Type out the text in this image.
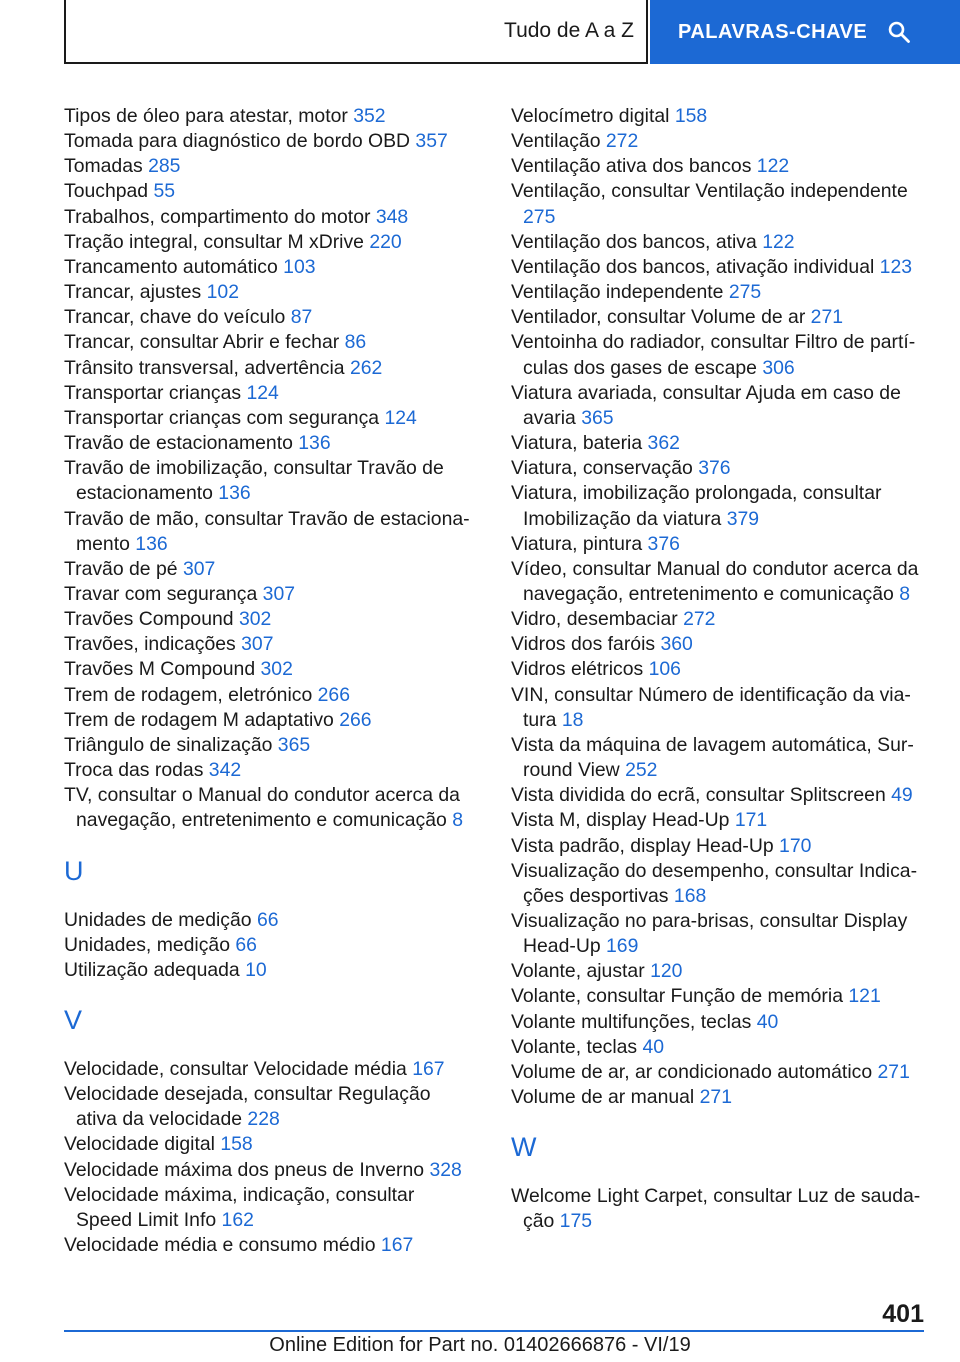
Tudo de A a Z PALAVRAS-CHAVE
Tipos de óleo para atestar, motor 352
Tomada para diagnóstico de bordo OBD 357
Tomadas 285
Touchpad 55
Trabalhos, compartimento do motor 348
Tração integral, consultar M xDrive 220
Trancamento automático 103
Trancar, ajustes 102
Trancar, chave do veículo 87
Trancar, consultar Abrir e fechar 86
Trânsito transversal, advertência 262
Transportar crianças 124
Transportar crianças com segurança 124
Travão de estacionamento 136
Travão de imobilização, consultar Travão de estacionamento 136
Travão de mão, consultar Travão de estacionamento 136
Travão de pé 307
Travar com segurança 307
Travões Compound 302
Travões, indicações 307
Travões M Compound 302
Trem de rodagem, eletrónico 266
Trem de rodagem M adaptativo 266
Triângulo de sinalização 365
Troca das rodas 342
TV, consultar o Manual do condutor acerca da navegação, entretenimento e comunicação 8
U
Unidades de medição 66
Unidades, medição 66
Utilização adequada 10
V
Velocidade, consultar Velocidade média 167
Velocidade desejada, consultar Regulação ativa da velocidade 228
Velocidade digital 158
Velocidade máxima dos pneus de Inverno 328
Velocidade máxima, indicação, consultar Speed Limit Info 162
Velocidade média e consumo médio 167
Velocímetro digital 158
Ventilação 272
Ventilação ativa dos bancos 122
Ventilação, consultar Ventilação independente 275
Ventilação dos bancos, ativa 122
Ventilação dos bancos, ativação individual 123
Ventilação independente 275
Ventilador, consultar Volume de ar 271
Ventoinha do radiador, consultar Filtro de partículas dos gases de escape 306
Viatura avariada, consultar Ajuda em caso de avaria 365
Viatura, bateria 362
Viatura, conservação 376
Viatura, imobilização prolongada, consultar Imobilização da viatura 379
Viatura, pintura 376
Vídeo, consultar Manual do condutor acerca da navegação, entretenimento e comunicação 8
Vidro, desembaciar 272
Vidros dos faróis 360
Vidros elétricos 106
VIN, consultar Número de identificação da viatura 18
Vista da máquina de lavagem automática, Surround View 252
Vista dividida do ecrã, consultar Splitscreen 49
Vista M, display Head-Up 171
Vista padrão, display Head-Up 170
Visualização do desempenho, consultar Indicações desportivas 168
Visualização no para-brisas, consultar Display Head-Up 169
Volante, ajustar 120
Volante, consultar Função de memória 121
Volante multifunções, teclas 40
Volante, teclas 40
Volume de ar, ar condicionado automático 271
Volume de ar manual 271
W
Welcome Light Carpet, consultar Luz de saudação 175
401
Online Edition for Part no. 01402666876 - VI/19
